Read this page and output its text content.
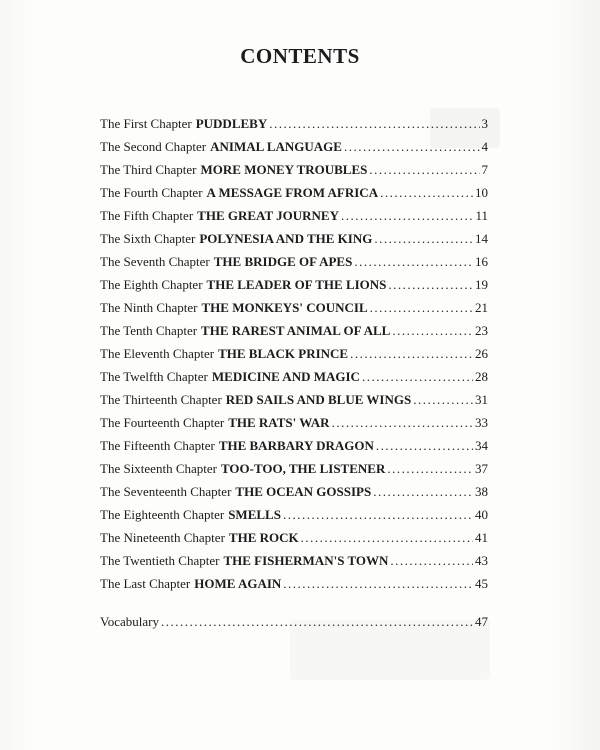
CONTENTS
The First Chapter PUDDLEBY .....	3
The Second Chapter ANIMAL LANGUAGE .....	4
The Third Chapter MORE MONEY TROUBLES .....	7
The Fourth Chapter A MESSAGE FROM AFRICA .....	10
The Fifth Chapter THE GREAT JOURNEY .....	11
The Sixth Chapter POLYNESIA AND THE KING .....	14
The Seventh Chapter THE BRIDGE OF APES .....	16
The Eighth Chapter THE LEADER OF THE LIONS .....	19
The Ninth Chapter THE MONKEYS' COUNCIL .....	21
The Tenth Chapter THE RAREST ANIMAL OF ALL .....	23
The Eleventh Chapter THE BLACK PRINCE .....	26
The Twelfth Chapter MEDICINE AND MAGIC .....	28
The Thirteenth Chapter RED SAILS AND BLUE WINGS .....	31
The Fourteenth Chapter THE RATS' WAR .....	33
The Fifteenth Chapter THE BARBARY DRAGON .....	34
The Sixteenth Chapter TOO-TOO, THE LISTENER .....	37
The Seventeenth Chapter THE OCEAN GOSSIPS .....	38
The Eighteenth Chapter SMELLS .....	40
The Nineteenth Chapter THE ROCK .....	41
The Twentieth Chapter THE FISHERMAN'S TOWN .....	43
The Last Chapter HOME AGAIN .....	45
Vocabulary .....	47
